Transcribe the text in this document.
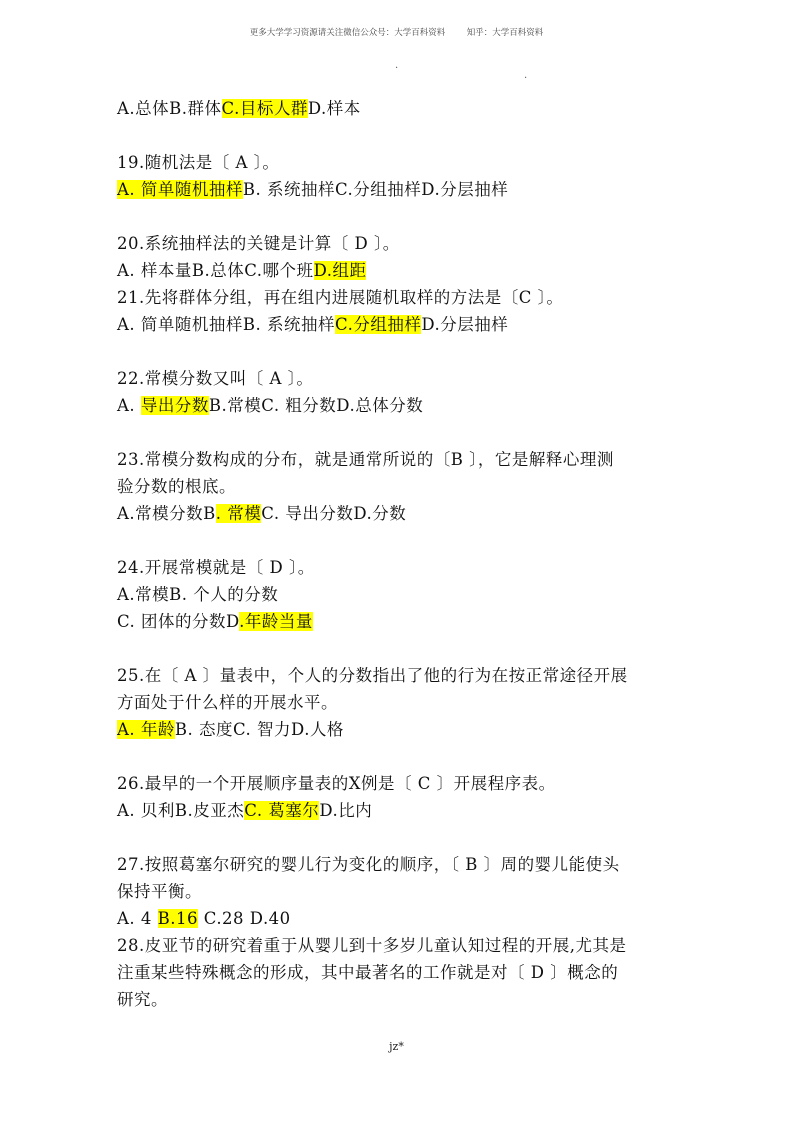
更多大学学习资源请关注微信公众号：大学百科资料        知乎：大学百科资料
.
.
A.总体B.群体C.目标人群D.样本
19.随机法是〔 A 〕。
A. 简单随机抽样B. 系统抽样C.分组抽样D.分层抽样
20.系统抽样法的关键是计算〔 D 〕。
A. 样本量B.总体C.哪个班D.组距
21.先将群体分组，再在组内进展随机取样的方法是〔C 〕。
A. 简单随机抽样B. 系统抽样C.分组抽样D.分层抽样
22.常模分数又叫〔 A 〕。
A. 导出分数B.常模C. 粗分数D.总体分数
23.常模分数构成的分布，就是通常所说的〔B 〕，它是解释心理测
验分数的根底。
A.常模分数B. 常模C. 导出分数D.分数
24.开展常模就是〔 D 〕。
A.常模B. 个人的分数
C. 团体的分数D.年龄当量
25.在〔 A 〕量表中，个人的分数指出了他的行为在按正常途径开展
方面处于什么样的开展水平。
A. 年龄B. 态度C. 智力D.人格
26.最早的一个开展顺序量表的X例是〔 C 〕开展程序表。
A. 贝利B.皮亚杰C. 葛塞尔D.比内
27.按照葛塞尔研究的婴儿行为变化的顺序，〔 B 〕周的婴儿能使头
保持平衡。
A. 4 B.16 C.28 D.40
28.皮亚节的研究着重于从婴儿到十多岁儿童认知过程的开展,尤其是
注重某些特殊概念的形成，其中最著名的工作就是对〔 D 〕概念的
研究。
jz*
